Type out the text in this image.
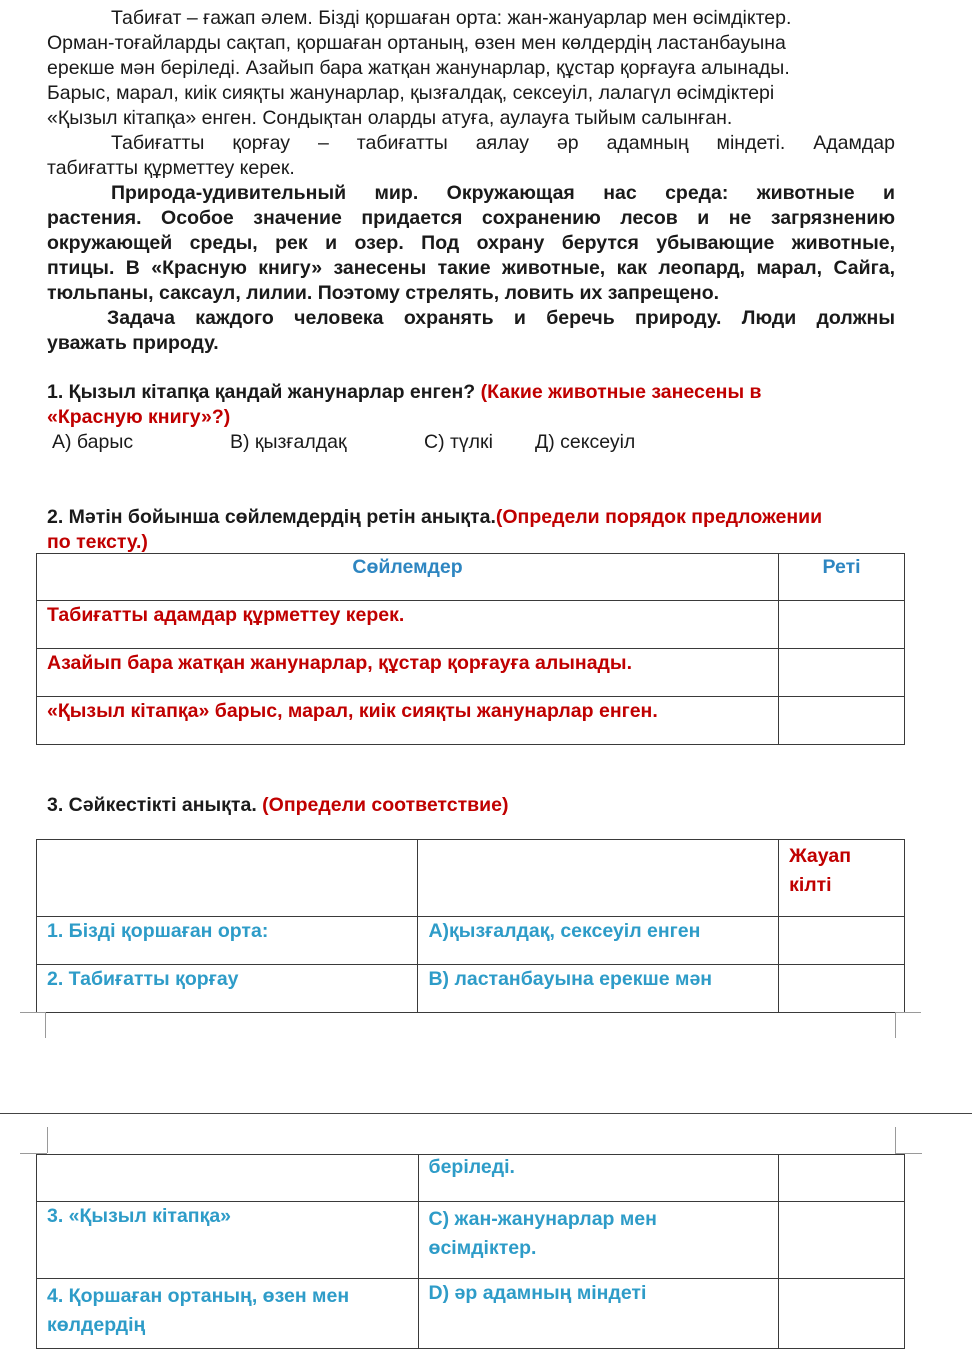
Табиғат – ғажап әлем. Бізді қоршаған орта: жан-жануарлар мен өсімдіктер.
Орман-тоғайларды сақтап, қоршаған ортаның, өзен мен көлдердің ластанбауына
ерекше мән беріледі. Азайып бара жатқан жанунарлар, құстар қорғауға алынады.
Барыс, марал, киік сияқты жанунарлар, қызғалдақ, сексеуіл, лалагүл өсімдіктері
«Қызыл кітапқа» енген. Сондықтан оларды атуға, аулауға тыйым салынған.
Табиғатты қорғау – табиғатты аялау әр адамның міндеті. Адамдар
табиғатты құрметтеу керек.
Природа-удивительный мир. Окружающая нас среда: животные и
растения. Особое значение придается сохранению лесов и не загрязнению
окружающей среды, рек и озер. Под охрану берутся убывающие животные,
птицы. В «Красную книгу» занесены такие животные, как леопард, марал, Сайга,
тюльпаны, саксаул, лилии. Поэтому стрелять, ловить их запрещено.
Задача каждого человека охранять и беречь природу. Люди должны
уважать природу.
1. Қызыл кітапқа қандай жанунарлар енген? (Какие животные занесены в
«Красную книгу»?)
А) барыс	В) қызғалдақ	С) түлкі Д) сексеуіл
2. Мәтін бойынша сөйлемдердің ретін анықта.(Определи порядок предложении
по тексту.)
Сөйлемдер	Реті
Табиғатты адамдар құрметтеу керек.	
Азайып бара жатқан жанунарлар, құстар қорғауға алынады.	
«Қызыл кітапқа» барыс, марал, киік сияқты жанунарлар енген.	
3. Сәйкестікті анықта. (Определи соответствие)

		Жауап
кілті

1. Бізді қоршаған орта:	А)қызғалдақ, сексеуіл енген	
2. Табиғатты қорғау	В) ластанбауына ерекше мән	
	беріледі.	
3. «Қызыл кітапқа»	С) жан-жанунарлар мен
өсімдіктер.	

4. Қоршаған ортаның, өзен мен
көлдердің	D) әр адамның міндеті	
